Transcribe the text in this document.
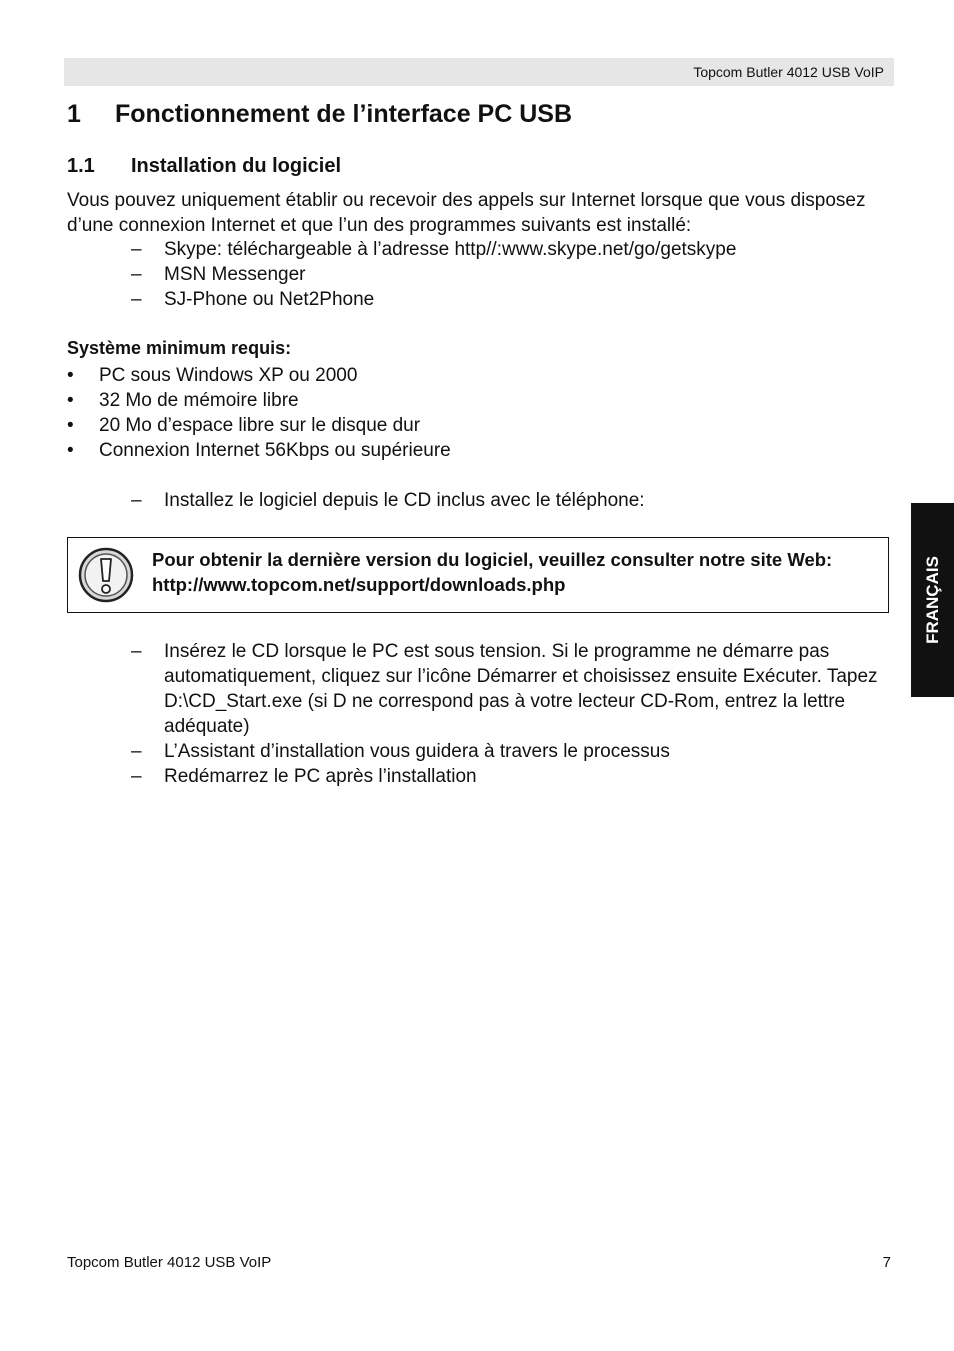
Topcom Butler 4012 USB VoIP
1 Fonctionnement de l’interface PC USB
1.1 Installation du logiciel
Vous pouvez uniquement établir ou recevoir des appels sur Internet lorsque que vous disposez d’une connexion Internet et que l’un des programmes suivants est installé:
– Skype: téléchargeable à l’adresse http//:www.skype.net/go/getskype
– MSN Messenger
– SJ-Phone ou Net2Phone
Système minimum requis:
• PC sous Windows XP ou 2000
• 32 Mo de mémoire libre
• 20 Mo d’espace libre sur le disque dur
• Connexion Internet 56Kbps ou supérieure
– Installez le logiciel depuis le CD inclus avec le téléphone:
Pour obtenir la dernière version du logiciel, veuillez consulter notre site Web: http://www.topcom.net/support/downloads.php
– Insérez le CD lorsque le PC est sous tension. Si le programme ne démarre pas automatiquement, cliquez sur l’icône Démarrer et choisissez ensuite Exécuter. Tapez D:\CD_Start.exe (si D ne correspond pas à votre lecteur CD-Rom, entrez la lettre adéquate)
– L’Assistant d’installation vous guidera à travers le processus
– Redémarrez le PC après l’installation
FRANÇAIS
Topcom Butler 4012 USB VoIP	7
